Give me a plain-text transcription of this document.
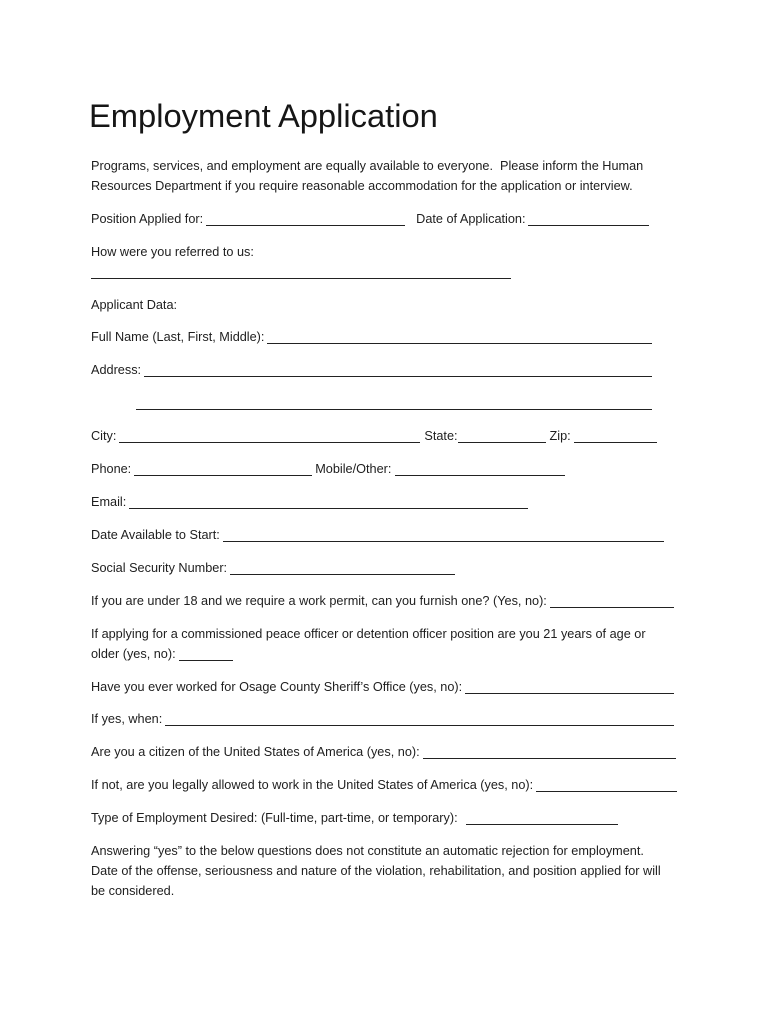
Employment Application
Programs, services, and employment are equally available to everyone.  Please inform the Human
Resources Department if you require reasonable accommodation for the application or interview.
Position Applied for:	Date of Application:
How were you referred to us:
Applicant Data:
Full Name (Last, First, Middle):
Address:
City:	State:	Zip:
Phone:	Mobile/Other:
Email:
Date Available to Start:
Social Security Number:
If you are under 18 and we require a work permit, can you furnish one? (Yes, no):
If applying for a commissioned peace officer or detention officer position are you 21 years of age or
older (yes, no):
Have you ever worked for Osage County Sheriff’s Office (yes, no):
If yes, when:
Are you a citizen of the United States of America (yes, no):
If not, are you legally allowed to work in the United States of America (yes, no):
Type of Employment Desired: (Full-time, part-time, or temporary):
Answering “yes” to the below questions does not constitute an automatic rejection for employment.
Date of the offense, seriousness and nature of the violation, rehabilitation, and position applied for will
be considered.
